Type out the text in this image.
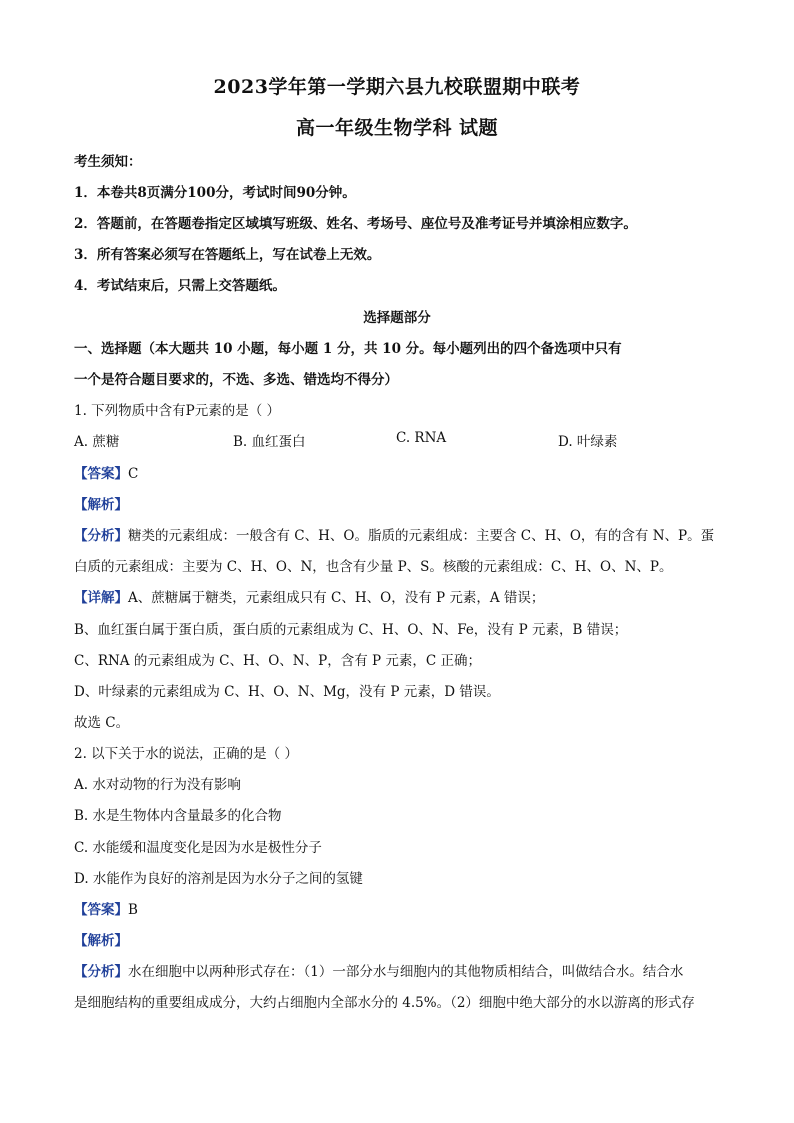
2023学年第一学期六县九校联盟期中联考
高一年级生物学科 试题
考生须知：
1．本卷共8页满分100分，考试时间90分钟。
2．答题前，在答题卷指定区域填写班级、姓名、考场号、座位号及准考证号并填涂相应数字。
3．所有答案必须写在答题纸上，写在试卷上无效。
4．考试结束后，只需上交答题纸。
选择题部分
一、选择题（本大题共 10 小题，每小题 1 分，共 10 分。每小题列出的四个备选项中只有
一个是符合题目要求的，不选、多选、错选均不得分）
1. 下列物质中含有P元素的是（ ）
A. 蔗糖	B. 血红蛋白	C. RNA	D. 叶绿素
【答案】C
【解析】
【分析】糖类的元素组成：一般含有 C、H、O。脂质的元素组成：主要含 C、H、O，有的含有 N、P。蛋
白质的元素组成：主要为 C、H、O、N，也含有少量 P、S。核酸的元素组成：C、H、O、N、P。
【详解】A、蔗糖属于糖类，元素组成只有 C、H、O，没有 P 元素，A 错误；
B、血红蛋白属于蛋白质，蛋白质的元素组成为 C、H、O、N、Fe，没有 P 元素，B 错误；
C、RNA 的元素组成为 C、H、O、N、P，含有 P 元素，C 正确；
D、叶绿素的元素组成为 C、H、O、N、Mg，没有 P 元素，D 错误。
故选 C。
2. 以下关于水的说法，正确的是（ ）
A. 水对动物的行为没有影响
B. 水是生物体内含量最多的化合物
C. 水能缓和温度变化是因为水是极性分子
D. 水能作为良好的溶剂是因为水分子之间的氢键
【答案】B
【解析】
【分析】水在细胞中以两种形式存在：（1）一部分水与细胞内的其他物质相结合，叫做结合水。结合水
是细胞结构的重要组成成分，大约占细胞内全部水分的 4.5%。（2）细胞中绝大部分的水以游离的形式存
